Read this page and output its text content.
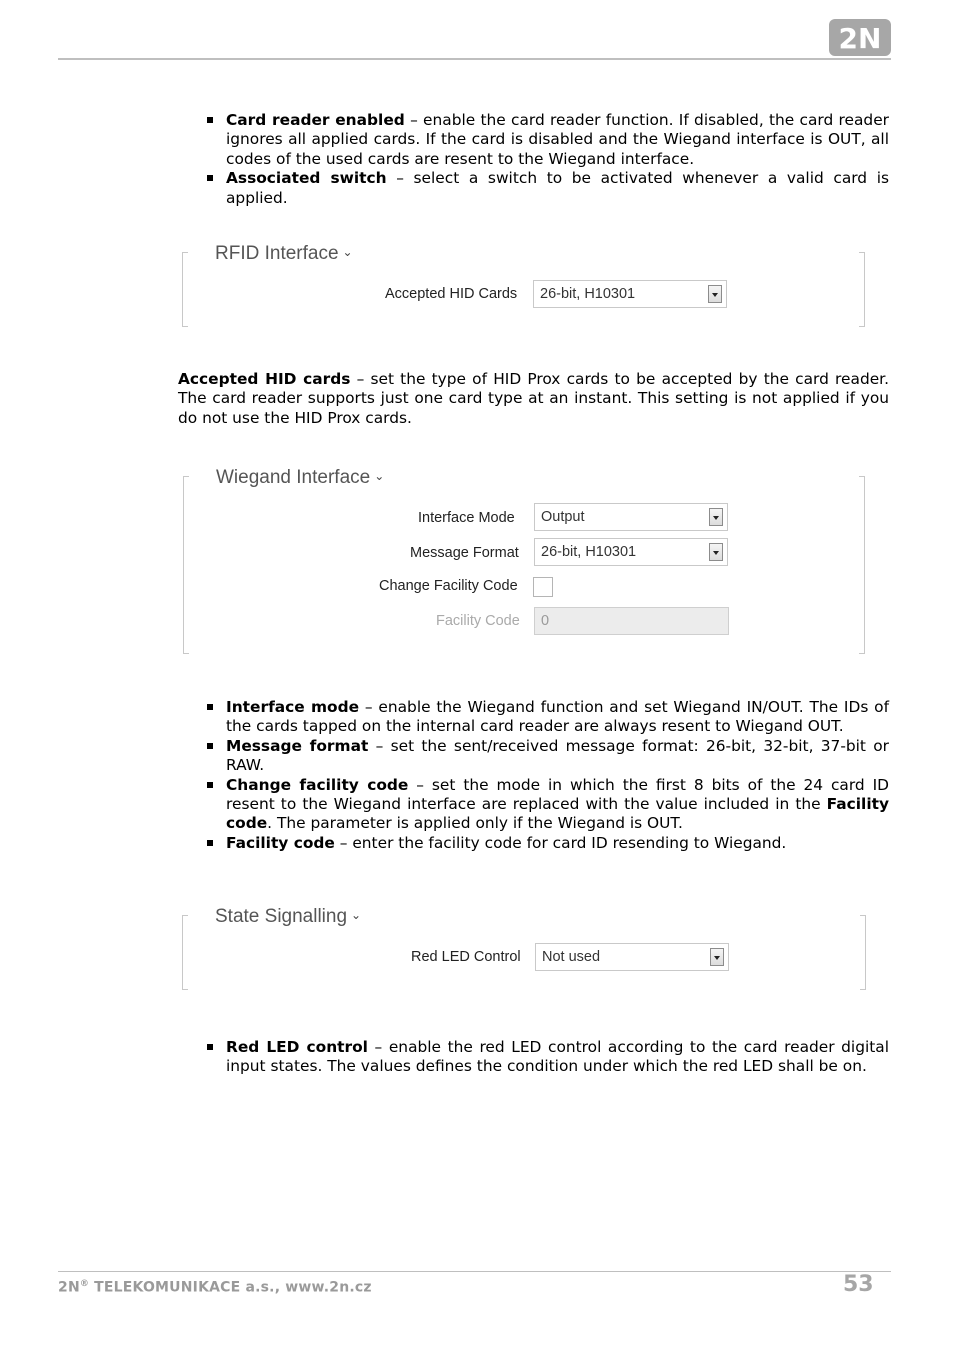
2N
Card reader enabled – enable the card reader function. If disabled, the card reader ignores all applied cards. If the card is disabled and the Wiegand interface is OUT, all codes of the used cards are resent to the Wiegand interface.
Associated switch – select a switch to be activated whenever a valid card is applied.
RFID Interface ⌄
Accepted HID Cards 26-bit, H10301
Accepted HID cards – set the type of HID Prox cards to be accepted by the card reader. The card reader supports just one card type at an instant. This setting is not applied if you do not use the HID Prox cards.
Wiegand Interface ⌄
Interface Mode Output
Message Format 26-bit, H10301
Change Facility Code
Facility Code 0
Interface mode – enable the Wiegand function and set Wiegand IN/OUT. The IDs of the cards tapped on the internal card reader are always resent to Wiegand OUT.
Message format – set the sent/received message format: 26-bit, 32-bit, 37-bit or RAW.
Change facility code – set the mode in which the first 8 bits of the 24 card ID resent to the Wiegand interface are replaced with the value included in the Facility code. The parameter is applied only if the Wiegand is OUT.
Facility code – enter the facility code for card ID resending to Wiegand.
State Signalling ⌄
Red LED Control Not used
Red LED control – enable the red LED control according to the card reader digital input states. The values defines the condition under which the red LED shall be on.
2N® TELEKOMUNIKACE a.s., www.2n.cz	53
